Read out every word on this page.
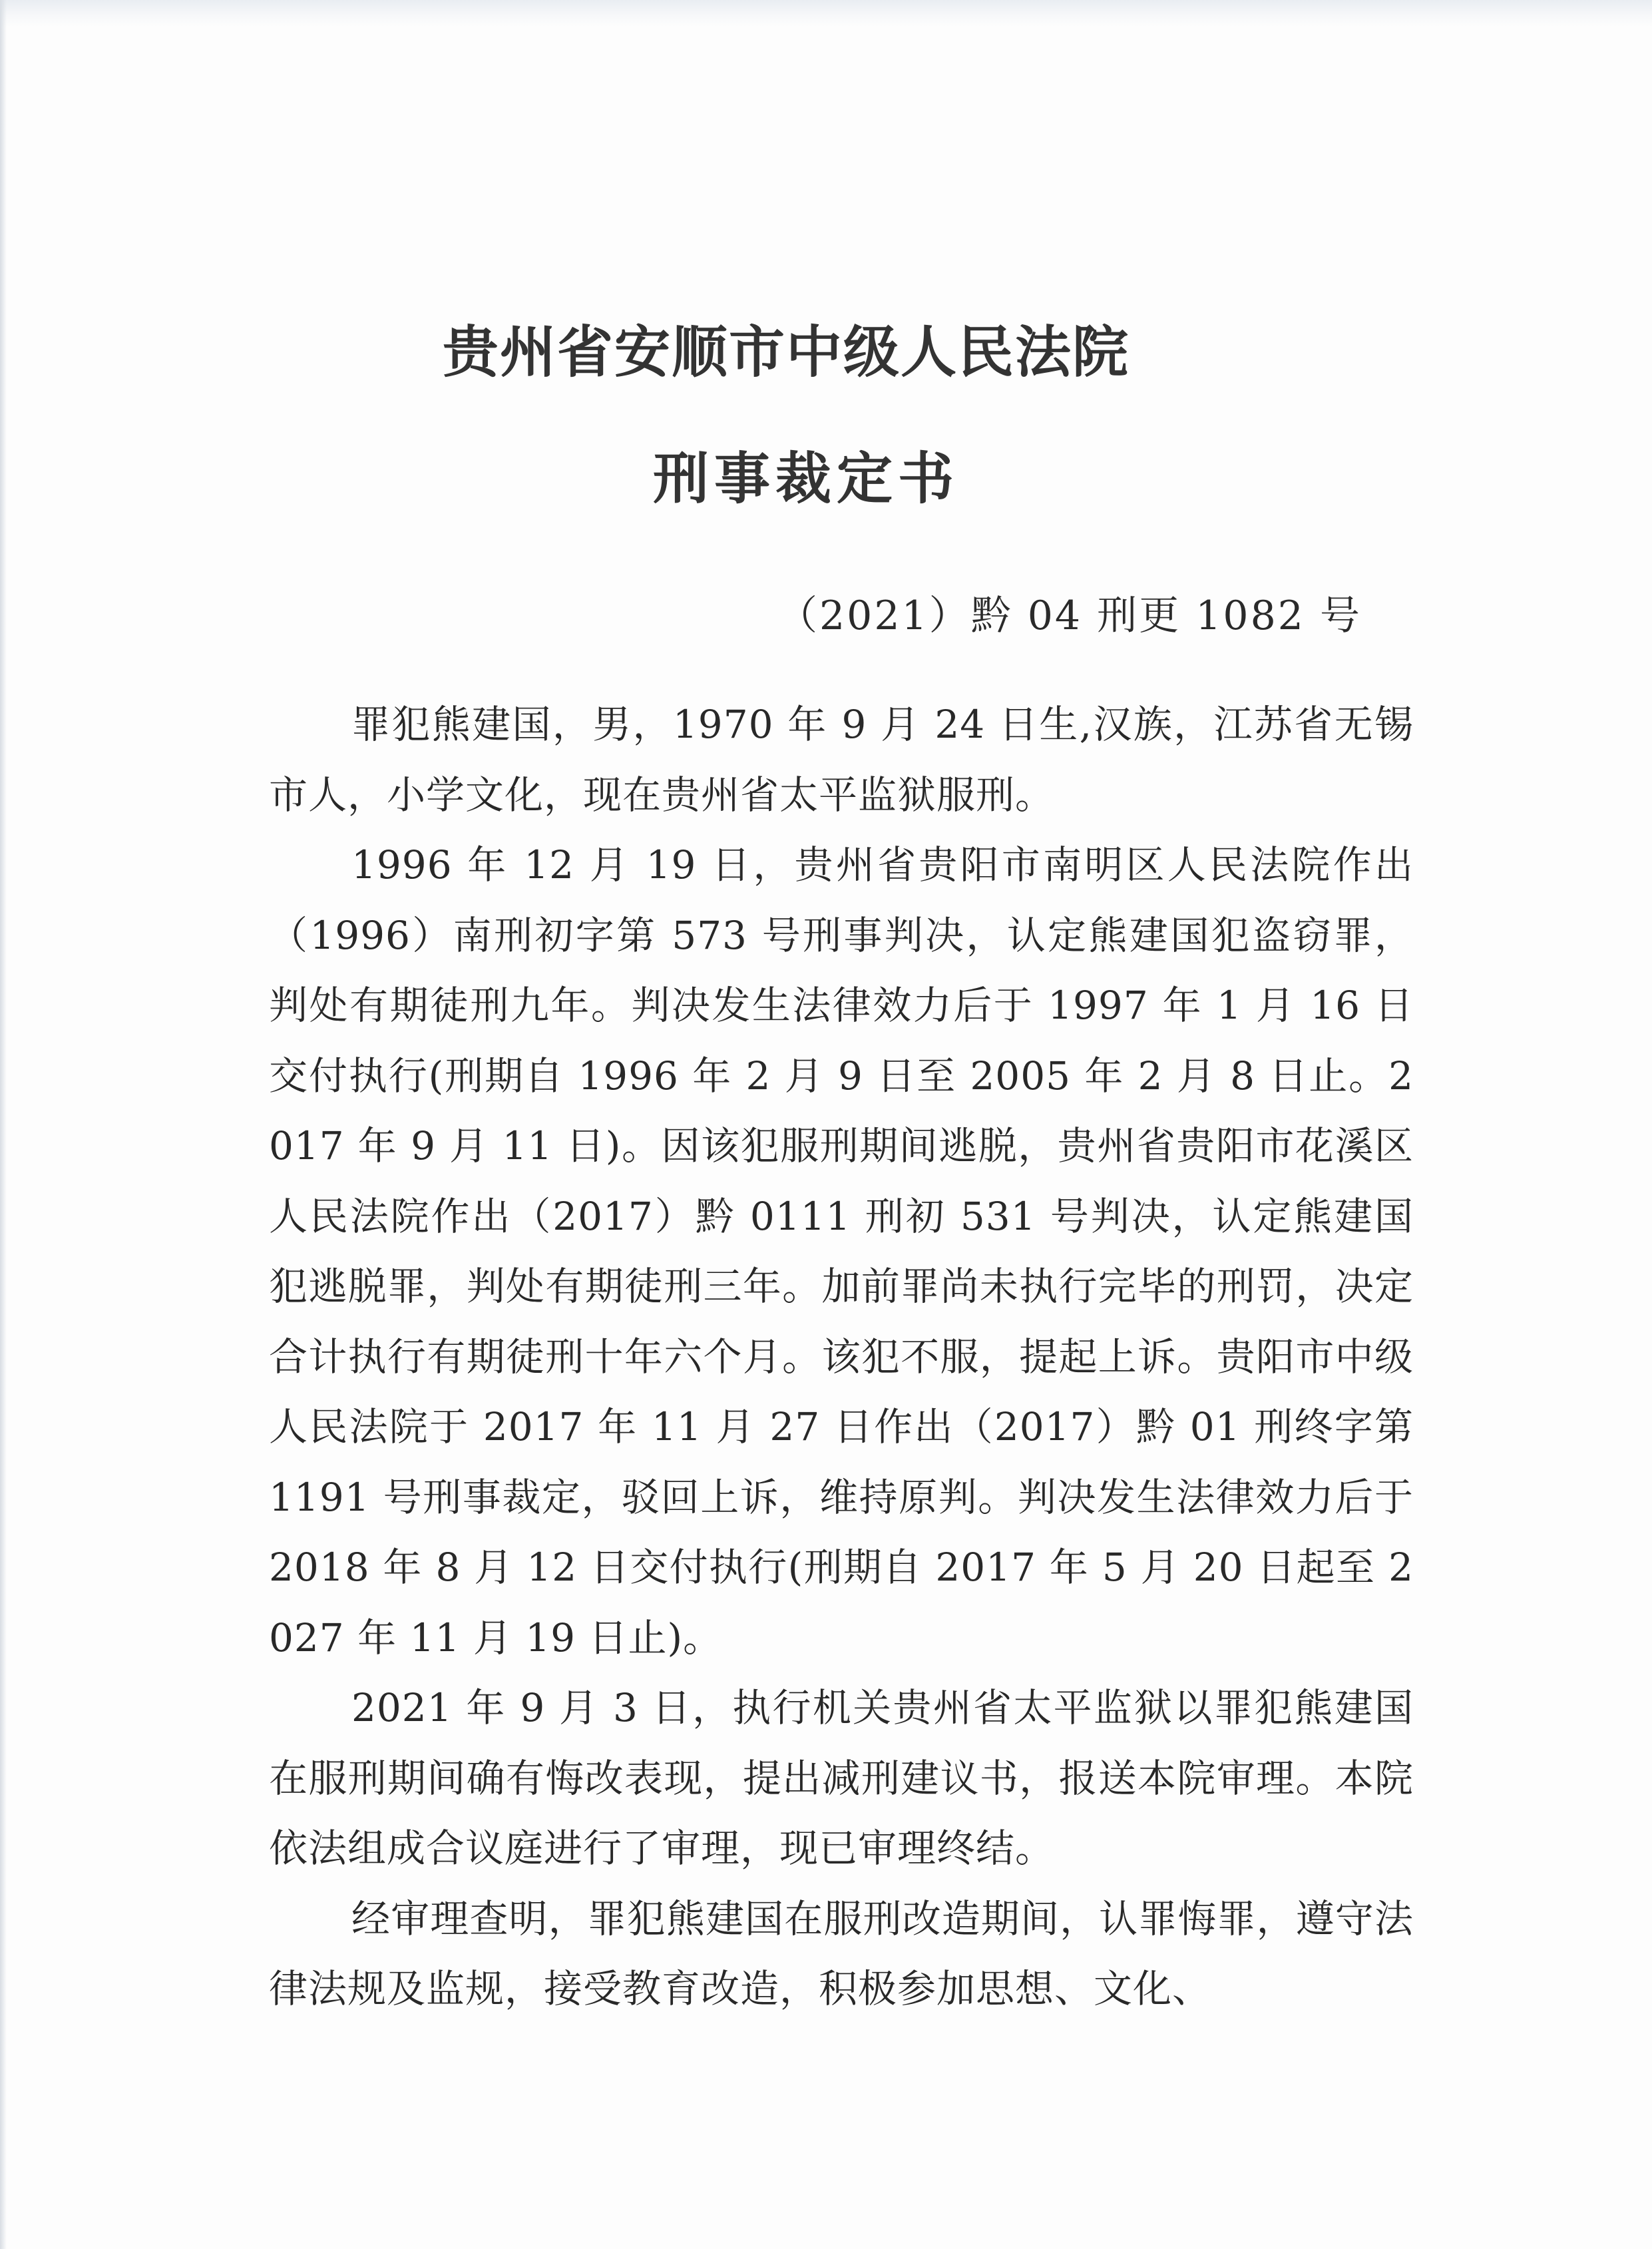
贵州省安顺市中级人民法院
刑事裁定书

（2021）黔 04 刑更 1082 号

罪犯熊建国，男，1970 年 9 月 24 日生,汉族，江苏省无锡市人，小学文化，现在贵州省太平监狱服刑。

1996 年 12 月 19 日，贵州省贵阳市南明区人民法院作出（1996）南刑初字第 573 号刑事判决，认定熊建国犯盗窃罪，判处有期徒刑九年。判决发生法律效力后于 1997 年 1 月 16 日交付执行(刑期自 1996 年 2 月 9 日至 2005 年 2 月 8 日止。2017 年 9 月 11 日)。因该犯服刑期间逃脱，贵州省贵阳市花溪区人民法院作出（2017）黔 0111 刑初 531 号判决，认定熊建国犯逃脱罪，判处有期徒刑三年。加前罪尚未执行完毕的刑罚，决定合计执行有期徒刑十年六个月。该犯不服，提起上诉。贵阳市中级人民法院于 2017 年 11 月 27 日作出（2017）黔 01 刑终字第 1191 号刑事裁定，驳回上诉，维持原判。判决发生法律效力后于 2018 年 8 月 12 日交付执行(刑期自 2017 年 5 月 20 日起至 2027 年 11 月 19 日止)。

2021 年 9 月 3 日，执行机关贵州省太平监狱以罪犯熊建国在服刑期间确有悔改表现，提出减刑建议书，报送本院审理。本院依法组成合议庭进行了审理，现已审理终结。

经审理查明，罪犯熊建国在服刑改造期间，认罪悔罪，遵守法律法规及监规，接受教育改造，积极参加思想、文化、
